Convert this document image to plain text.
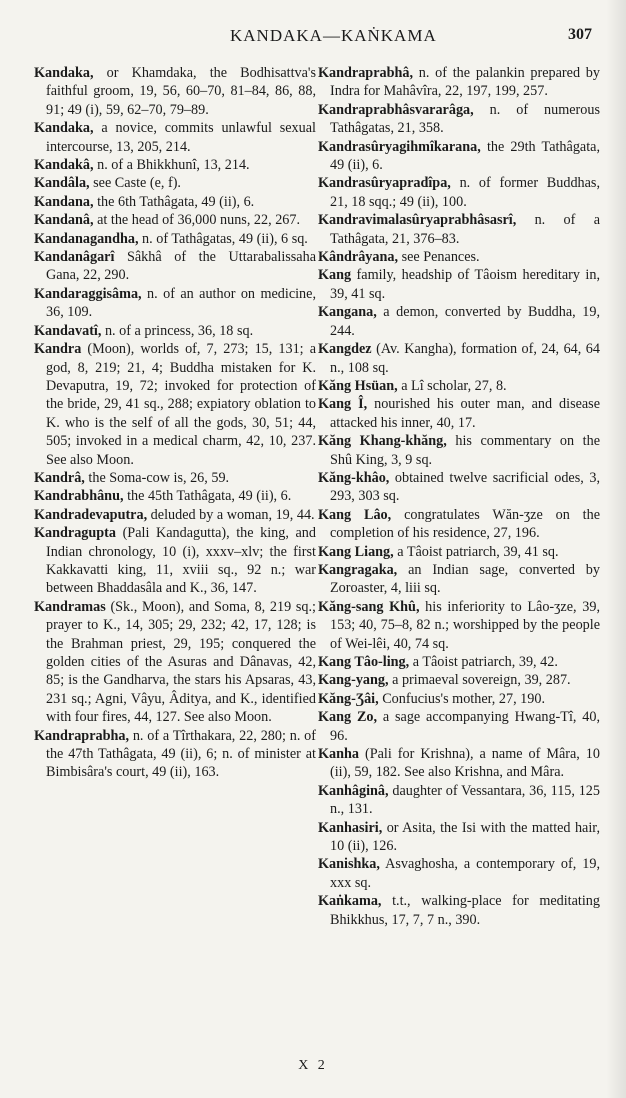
KANDAKA—KAṄKAMA	307
Kandaka, or Khamdaka, the Bodhisattva's faithful groom, 19, 56, 60–70, 81–84, 86, 88, 91; 49 (i), 59, 62–70, 79–89.
Kandaka, a novice, commits unlawful sexual intercourse, 13, 205, 214.
Kandakâ, n. of a Bhikkhunî, 13, 214.
Kandâla, see Caste (e, f).
Kandana, the 6th Tathâgata, 49 (ii), 6.
Kandanâ, at the head of 36,000 nuns, 22, 267.
Kandanagandha, n. of Tathâgatas, 49 (ii), 6 sq.
Kandanâgarî Sâkhâ of the Uttarabalissaha Gana, 22, 290.
Kandaraggisâma, n. of an author on medicine, 36, 109.
Kandavatî, n. of a princess, 36, 18 sq.
Kandra (Moon), worlds of, 7, 273; 15, 131; a god, 8, 219; 21, 4; Buddha mistaken for K. Devaputra, 19, 72; invoked for protection of the bride, 29, 41 sq., 288; expiatory oblation to K. who is the self of all the gods, 30, 51; 44, 505; invoked in a medical charm, 42, 10, 237. See also Moon.
Kandrâ, the Soma-cow is, 26, 59.
Kandrabhânu, the 45th Tathâgata, 49 (ii), 6.
Kandradevaputra, deluded by a woman, 19, 44.
Kandragupta (Pali Kandagutta), the king, and Indian chronology, 10 (i), xxxv–xlv; the first Kakkavatti king, 11, xviii sq., 92 n.; war between Bhaddasâla and K., 36, 147.
Kandramas (Sk., Moon), and Soma, 8, 219 sq.; prayer to K., 14, 305; 29, 232; 42, 17, 128; is the Brahman priest, 29, 195; conquered the golden cities of the Asuras and Dânavas, 42, 85; is the Gandharva, the stars his Apsaras, 43, 231 sq.; Agni, Vâyu, Âditya, and K., identified with four fires, 44, 127. See also Moon.
Kandraprabha, n. of a Tîrthakara, 22, 280; n. of the 47th Tathâgata, 49 (ii), 6; n. of minister at Bimbisâra's court, 49 (ii), 163.
Kandraprabhâ, n. of the palankin prepared by Indra for Mahâvîra, 22, 197, 199, 257.
Kandraprabhâsvararâga, n. of numerous Tathâgatas, 21, 358.
Kandrasûryagihmîkarana, the 29th Tathâgata, 49 (ii), 6.
Kandrasûryapradîpa, n. of former Buddhas, 21, 18 sqq.; 49 (ii), 100.
Kandravimalasûryaprabhâsasrî, n. of a Tathâgata, 21, 376–83.
Kândrâyana, see Penances.
Kang family, headship of Tâoism hereditary in, 39, 41 sq.
Kangana, a demon, converted by Buddha, 19, 244.
Kangdez (Av. Kangha), formation of, 24, 64, 64 n., 108 sq.
Kăng Hsüan, a Lî scholar, 27, 8.
Kang Î, nourished his outer man, and disease attacked his inner, 40, 17.
Kăng Khang-khăng, his commentary on the Shû King, 3, 9 sq.
Kăng-khâo, obtained twelve sacrificial odes, 3, 293, 303 sq.
Kang Lâo, congratulates Wăn-ʒze on the completion of his residence, 27, 196.
Kang Liang, a Tâoist patriarch, 39, 41 sq.
Kangragaka, an Indian sage, converted by Zoroaster, 4, liii sq.
Kăng-sang Khû, his inferiority to Lâo-ʒze, 39, 153; 40, 75–8, 82 n.; worshipped by the people of Wei-lêi, 40, 74 sq.
Kang Tâo-ling, a Tâoist patriarch, 39, 42.
Kang-yang, a primaeval sovereign, 39, 287.
Kăng-Ʒâi, Confucius's mother, 27, 190.
Kang Zo, a sage accompanying Hwang-Tî, 40, 96.
Kanha (Pali for Krishna), a name of Mâra, 10 (ii), 59, 182. See also Krishna, and Mâra.
Kanhâginâ, daughter of Vessantara, 36, 115, 125 n., 131.
Kanhasiri, or Asita, the Isi with the matted hair, 10 (ii), 126.
Kanishka, Asvaghosha, a contemporary of, 19, xxx sq.
Kaṅkama, t.t., walking-place for meditating Bhikkhus, 17, 7, 7 n., 390.
X 2
